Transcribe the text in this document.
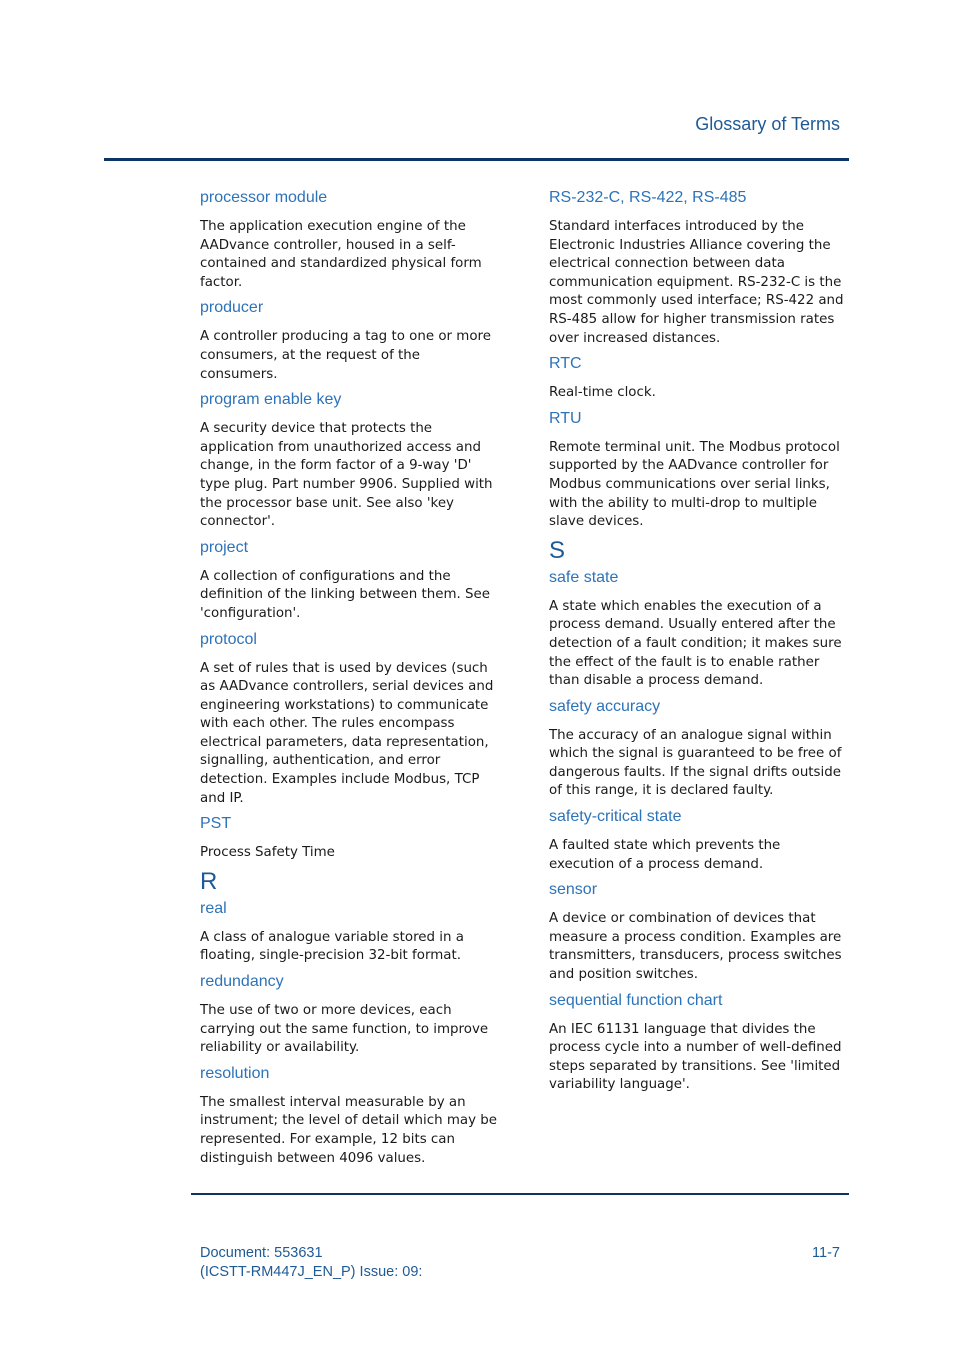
Glossary of Terms
processor module
The application execution engine of the AADvance controller, housed in a self-contained and standardized physical form factor.
producer
A controller producing a tag to one or more consumers, at the request of the consumers.
program enable key
A security device that protects the application from unauthorized access and change, in the form factor of a 9-way 'D' type plug. Part number 9906. Supplied with the processor base unit. See also 'key connector'.
project
A collection of configurations and the definition of the linking between them. See 'configuration'.
protocol
A set of rules that is used by devices (such as AADvance controllers, serial devices and engineering workstations) to communicate with each other. The rules encompass electrical parameters, data representation, signalling, authentication, and error detection. Examples include Modbus, TCP and IP.
PST
Process Safety Time
R
real
A class of analogue variable stored in a floating, single-precision 32-bit format.
redundancy
The use of two or more devices, each carrying out the same function, to improve reliability or availability.
resolution
The smallest interval measurable by an instrument; the level of detail which may be represented. For example, 12 bits can distinguish between 4096 values.
RS-232-C, RS-422, RS-485
Standard interfaces introduced by the Electronic Industries Alliance covering the electrical connection between data communication equipment. RS-232-C is the most commonly used interface; RS-422 and RS-485 allow for higher transmission rates over increased distances.
RTC
Real-time clock.
RTU
Remote terminal unit. The Modbus protocol supported by the AADvance controller for Modbus communications over serial links, with the ability to multi-drop to multiple slave devices.
S
safe state
A state which enables the execution of a process demand. Usually entered after the detection of a fault condition; it makes sure the effect of the fault is to enable rather than disable a process demand.
safety accuracy
The accuracy of an analogue signal within which the signal is guaranteed to be free of dangerous faults. If the signal drifts outside of this range, it is declared faulty.
safety-critical state
A faulted state which prevents the execution of a process demand.
sensor
A device or combination of devices that measure a process condition. Examples are transmitters, transducers, process switches and position switches.
sequential function chart
An IEC 61131 language that divides the process cycle into a number of well-defined steps separated by transitions. See 'limited variability language'.
Document: 553631
(ICSTT-RM447J_EN_P) Issue: 09:
11-7
